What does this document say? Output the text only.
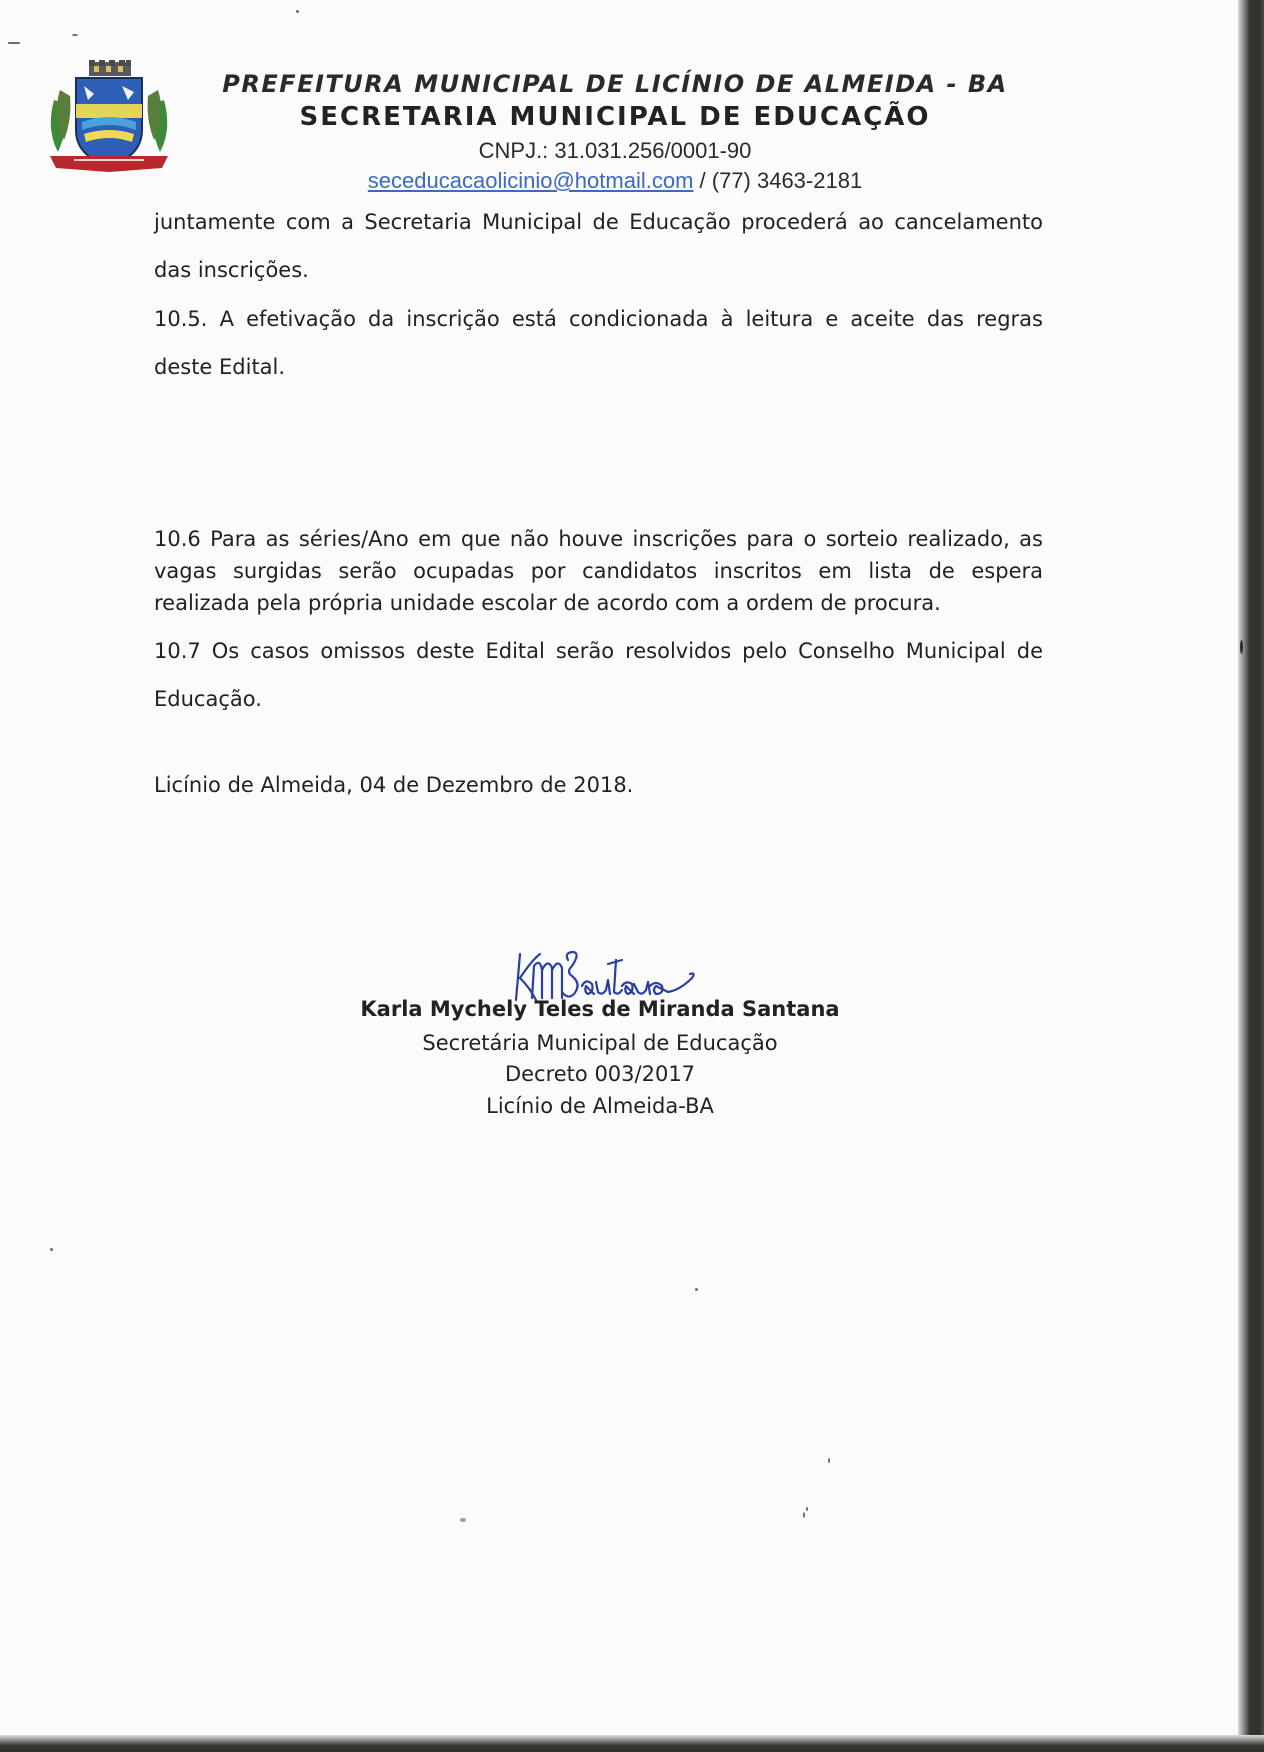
PREFEITURA MUNICIPAL DE LICÍNIO DE ALMEIDA - BA
SECRETARIA MUNICIPAL DE EDUCAÇÃO
CNPJ.: 31.031.256/0001-90
seceducacaolicinio@hotmail.com / (77) 3463-2181
juntamente com a Secretaria Municipal de Educação procederá ao cancelamento
das inscrições.
10.5. A efetivação da inscrição está condicionada à leitura e aceite das regras
deste Edital.
10.6 Para as séries/Ano em que não houve inscrições para o sorteio realizado, as
vagas surgidas serão ocupadas por candidatos inscritos em lista de espera
realizada pela própria unidade escolar de acordo com a ordem de procura.
10.7 Os casos omissos deste Edital serão resolvidos pelo Conselho Municipal de
Educação.
Licínio de Almeida, 04 de Dezembro de 2018.
Karla Mychely Teles de Miranda Santana
Secretária Municipal de Educação
Decreto 003/2017
Licínio de Almeida-BA
